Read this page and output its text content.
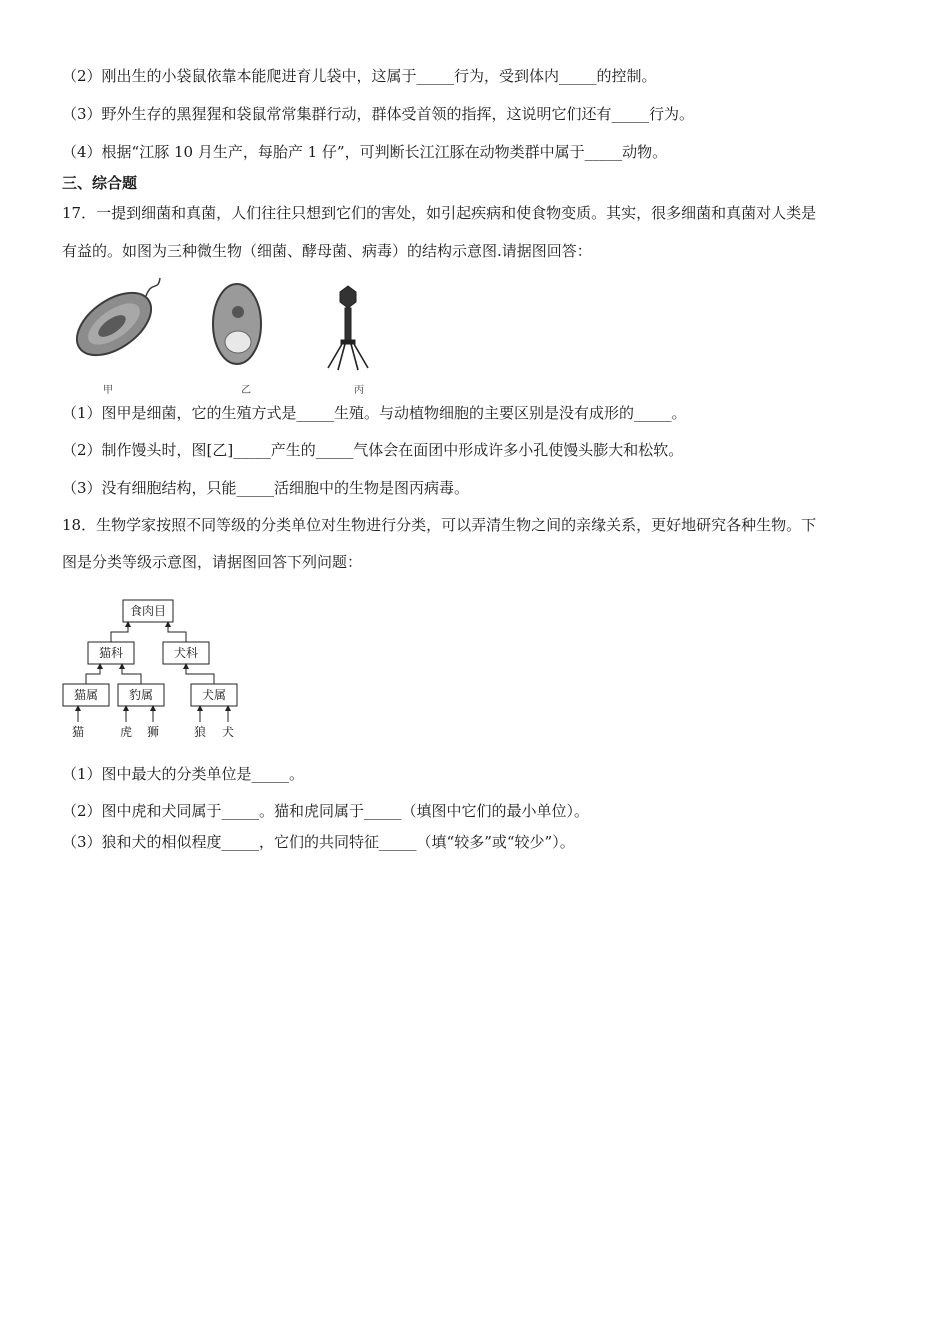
（2）刚出生的小袋鼠依靠本能爬进育儿袋中，这属于_____行为，受到体内_____的控制。
（3）野外生存的黑猩猩和袋鼠常常集群行动，群体受首领的指挥，这说明它们还有_____行为。
（4）根据“江豚 10 月生产，每胎产 1 仔”，可判断长江江豚在动物类群中属于_____动物。
三、综合题
17．一提到细菌和真菌，人们往往只想到它们的害处，如引起疾病和使食物变质。其实，很多细菌和真菌对人类是
有益的。如图为三种微生物（细菌、酵母菌、病毒）的结构示意图.请据图回答：
甲	乙	丙
（1）图甲是细菌，它的生殖方式是_____生殖。与动植物细胞的主要区别是没有成形的_____。
（2）制作馒头时，图[乙]_____产生的_____气体会在面团中形成许多小孔使馒头膨大和松软。
（3）没有细胞结构，只能_____活细胞中的生物是图丙病毒。
18．生物学家按照不同等级的分类单位对生物进行分类，可以弄清生物之间的亲缘关系，更好地研究各种生物。下
图是分类等级示意图，请据图回答下列问题：
食肉目
猫科	犬科
猫属	豹属	犬属
猫	虎 狮	狼 犬
（1）图中最大的分类单位是_____。
（2）图中虎和犬同属于_____。猫和虎同属于_____（填图中它们的最小单位）。
（3）狼和犬的相似程度_____，它们的共同特征_____（填“较多”或“较少”）。
